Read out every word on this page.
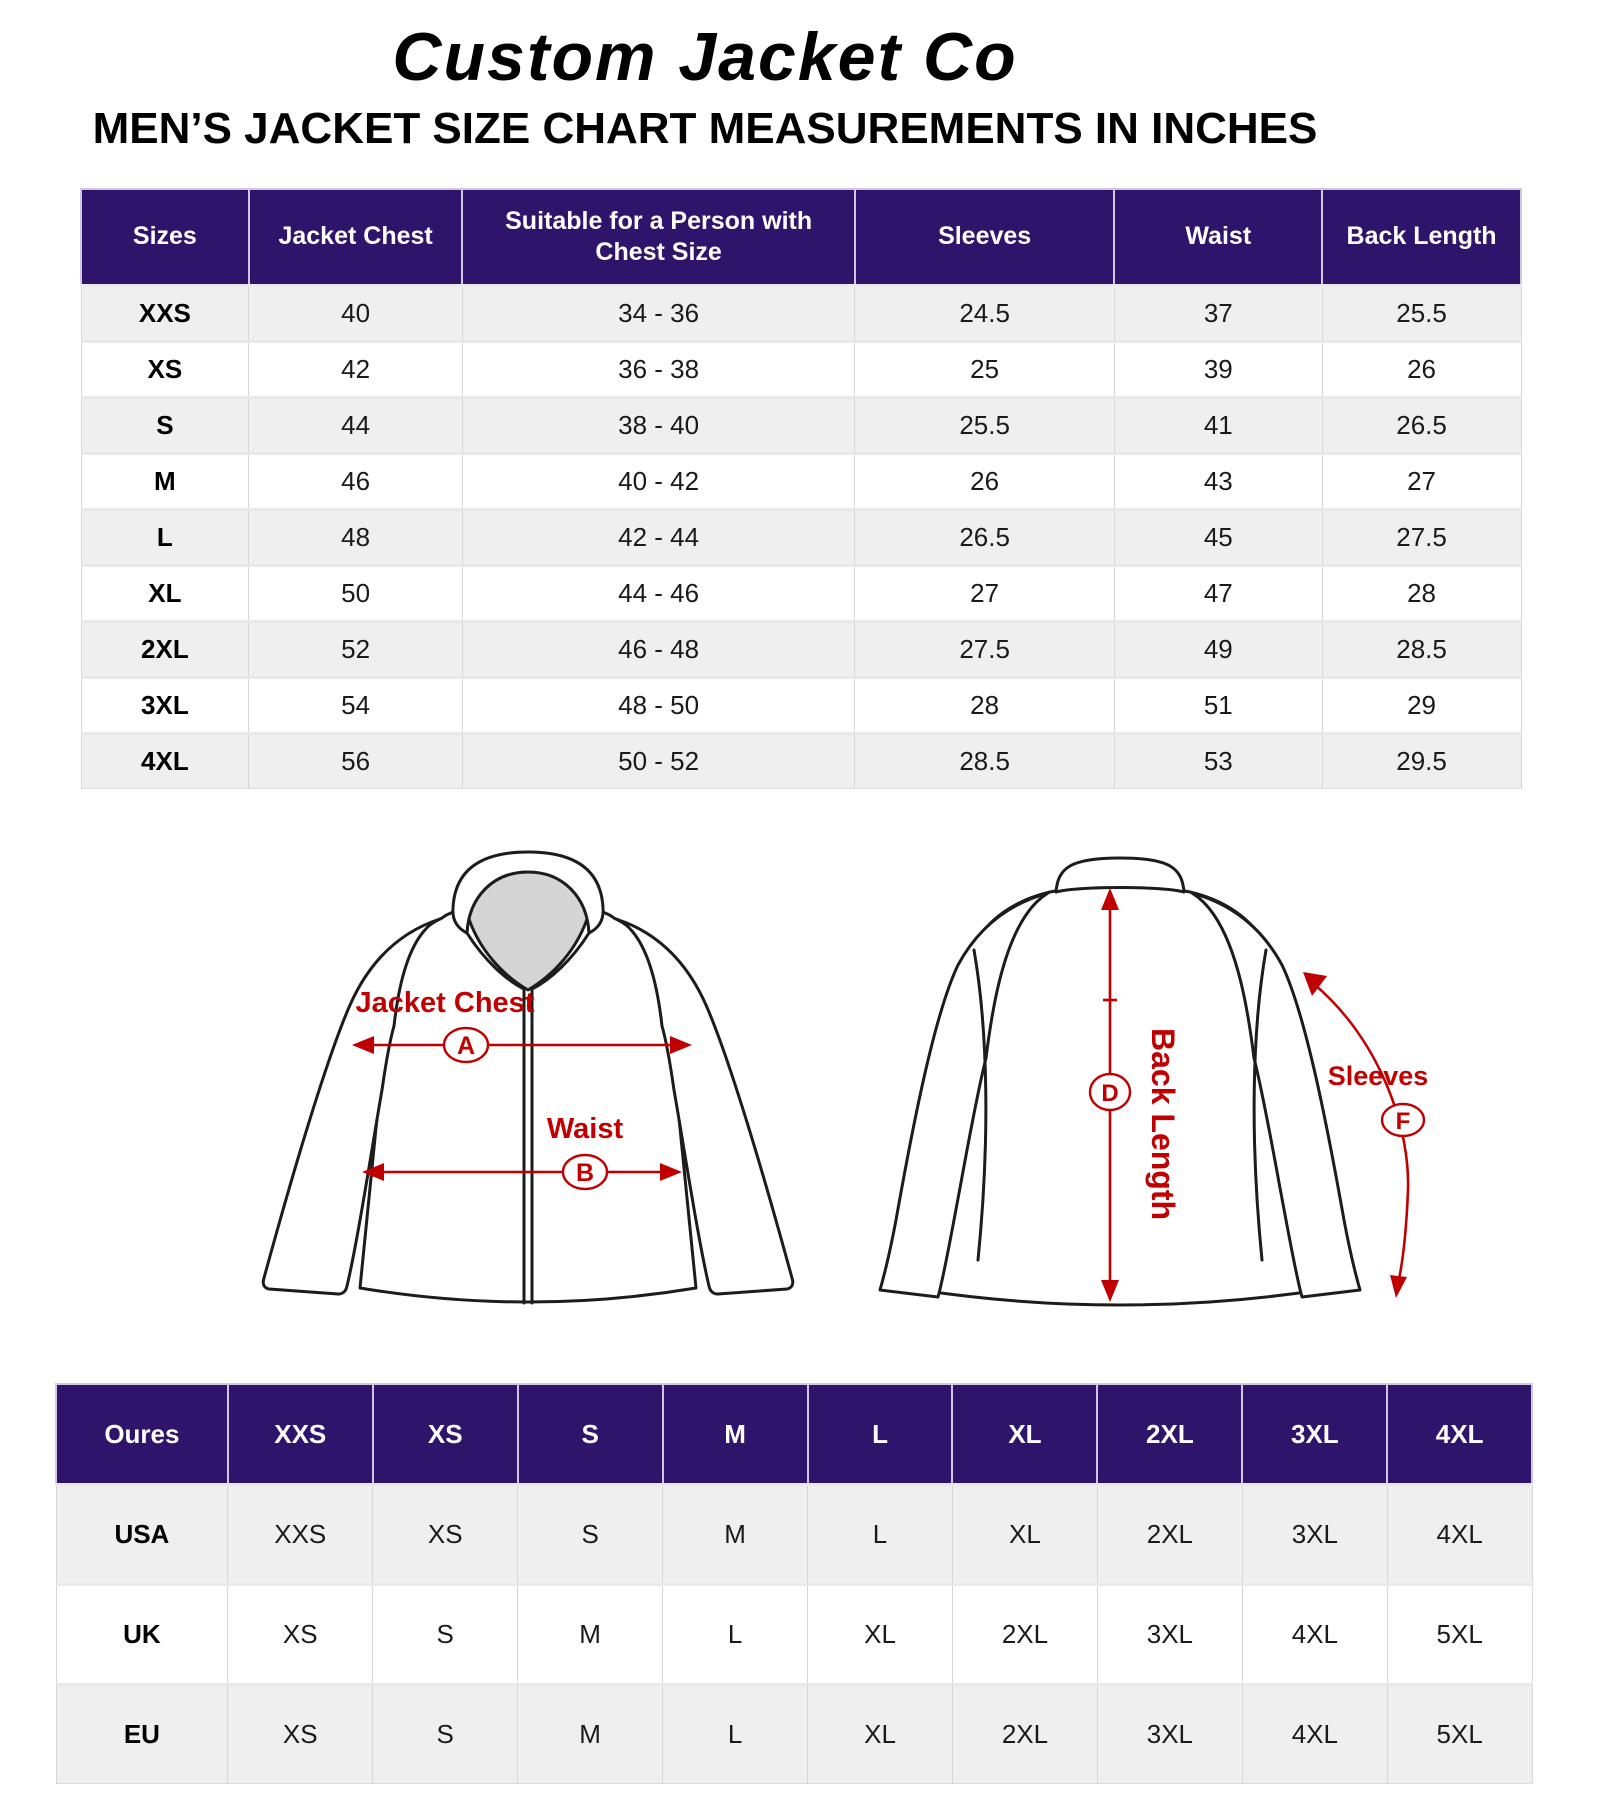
Custom Jacket Co
MEN’S JACKET SIZE CHART MEASUREMENTS IN INCHES
Sizes	Jacket Chest	Suitable for a Person with Chest Size	Sleeves	Waist	Back Length
XXS	40	34 - 36	24.5	37	25.5
XS	42	36 - 38	25	39	26
S	44	38 - 40	25.5	41	26.5
M	46	40 - 42	26	43	27
L	48	42 - 44	26.5	45	27.5
XL	50	44 - 46	27	47	28
2XL	52	46 - 48	27.5	49	28.5
3XL	54	48 - 50	28	51	29
4XL	56	50 - 52	28.5	53	29.5
Jacket Chest
A
Waist
B
D Back Length	Sleeves
F
Oures	XXS	XS	S	M	L	XL	2XL	3XL	4XL
USA	XXS	XS	S	M	L	XL	2XL	3XL	4XL
UK	XS	S	M	L	XL	2XL	3XL	4XL	5XL
EU	XS	S	M	L	XL	2XL	3XL	4XL	5XL
